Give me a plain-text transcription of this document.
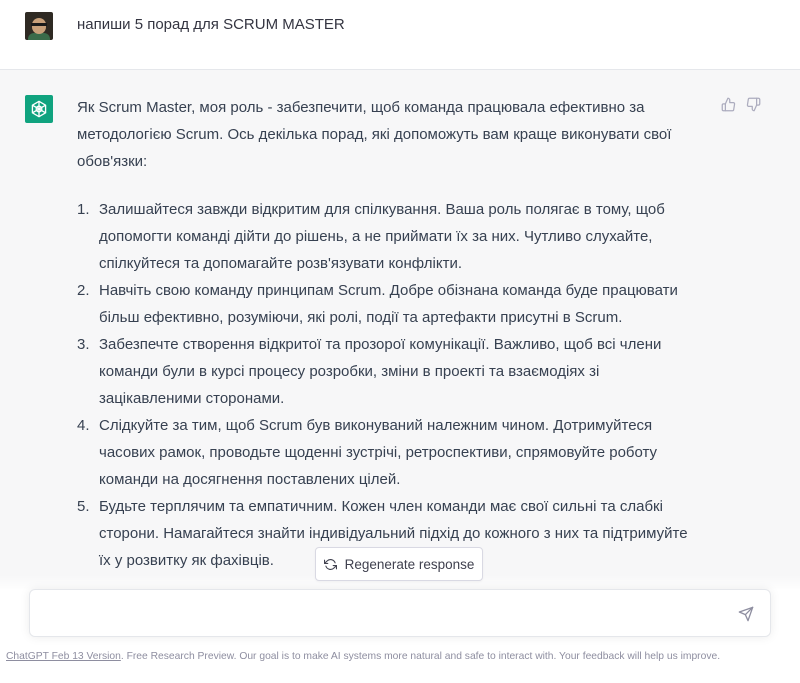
напиши 5 порад для SCRUM MASTER

Як Scrum Master, моя роль - забезпечити, щоб команда працювала ефективно за методологією Scrum. Ось декілька порад, які допоможуть вам краще виконувати свої обов'язки:

1. Залишайтеся завжди відкритим для спілкування. Ваша роль полягає в тому, щоб допомогти команді дійти до рішень, а не приймати їх за них. Чутливо слухайте, спілкуйтеся та допомагайте розв'язувати конфлікти.
2. Навчіть свою команду принципам Scrum. Добре обізнана команда буде працювати більш ефективно, розуміючи, які ролі, події та артефакти присутні в Scrum.
3. Забезпечте створення відкритої та прозорої комунікації. Важливо, щоб всі члени команди були в курсі процесу розробки, зміни в проекті та взаємодіях зі зацікавленими сторонами.
4. Слідкуйте за тим, щоб Scrum був виконуваний належним чином. Дотримуйтеся часових рамок, проводьте щоденні зустрічі, ретроспективи, спрямовуйте роботу команди на досягнення поставлених цілей.
5. Будьте терплячим та емпатичним. Кожен член команди має свої сильні та слабкі сторони. Намагайтеся знайти індивідуальний підхід до кожного з них та підтримуйте їх у розвитку як фахівців.	Regenerate response
ChatGPT Feb 13 Version. Free Research Preview. Our goal is to make AI systems more natural and safe to interact with. Your feedback will help us improve.
